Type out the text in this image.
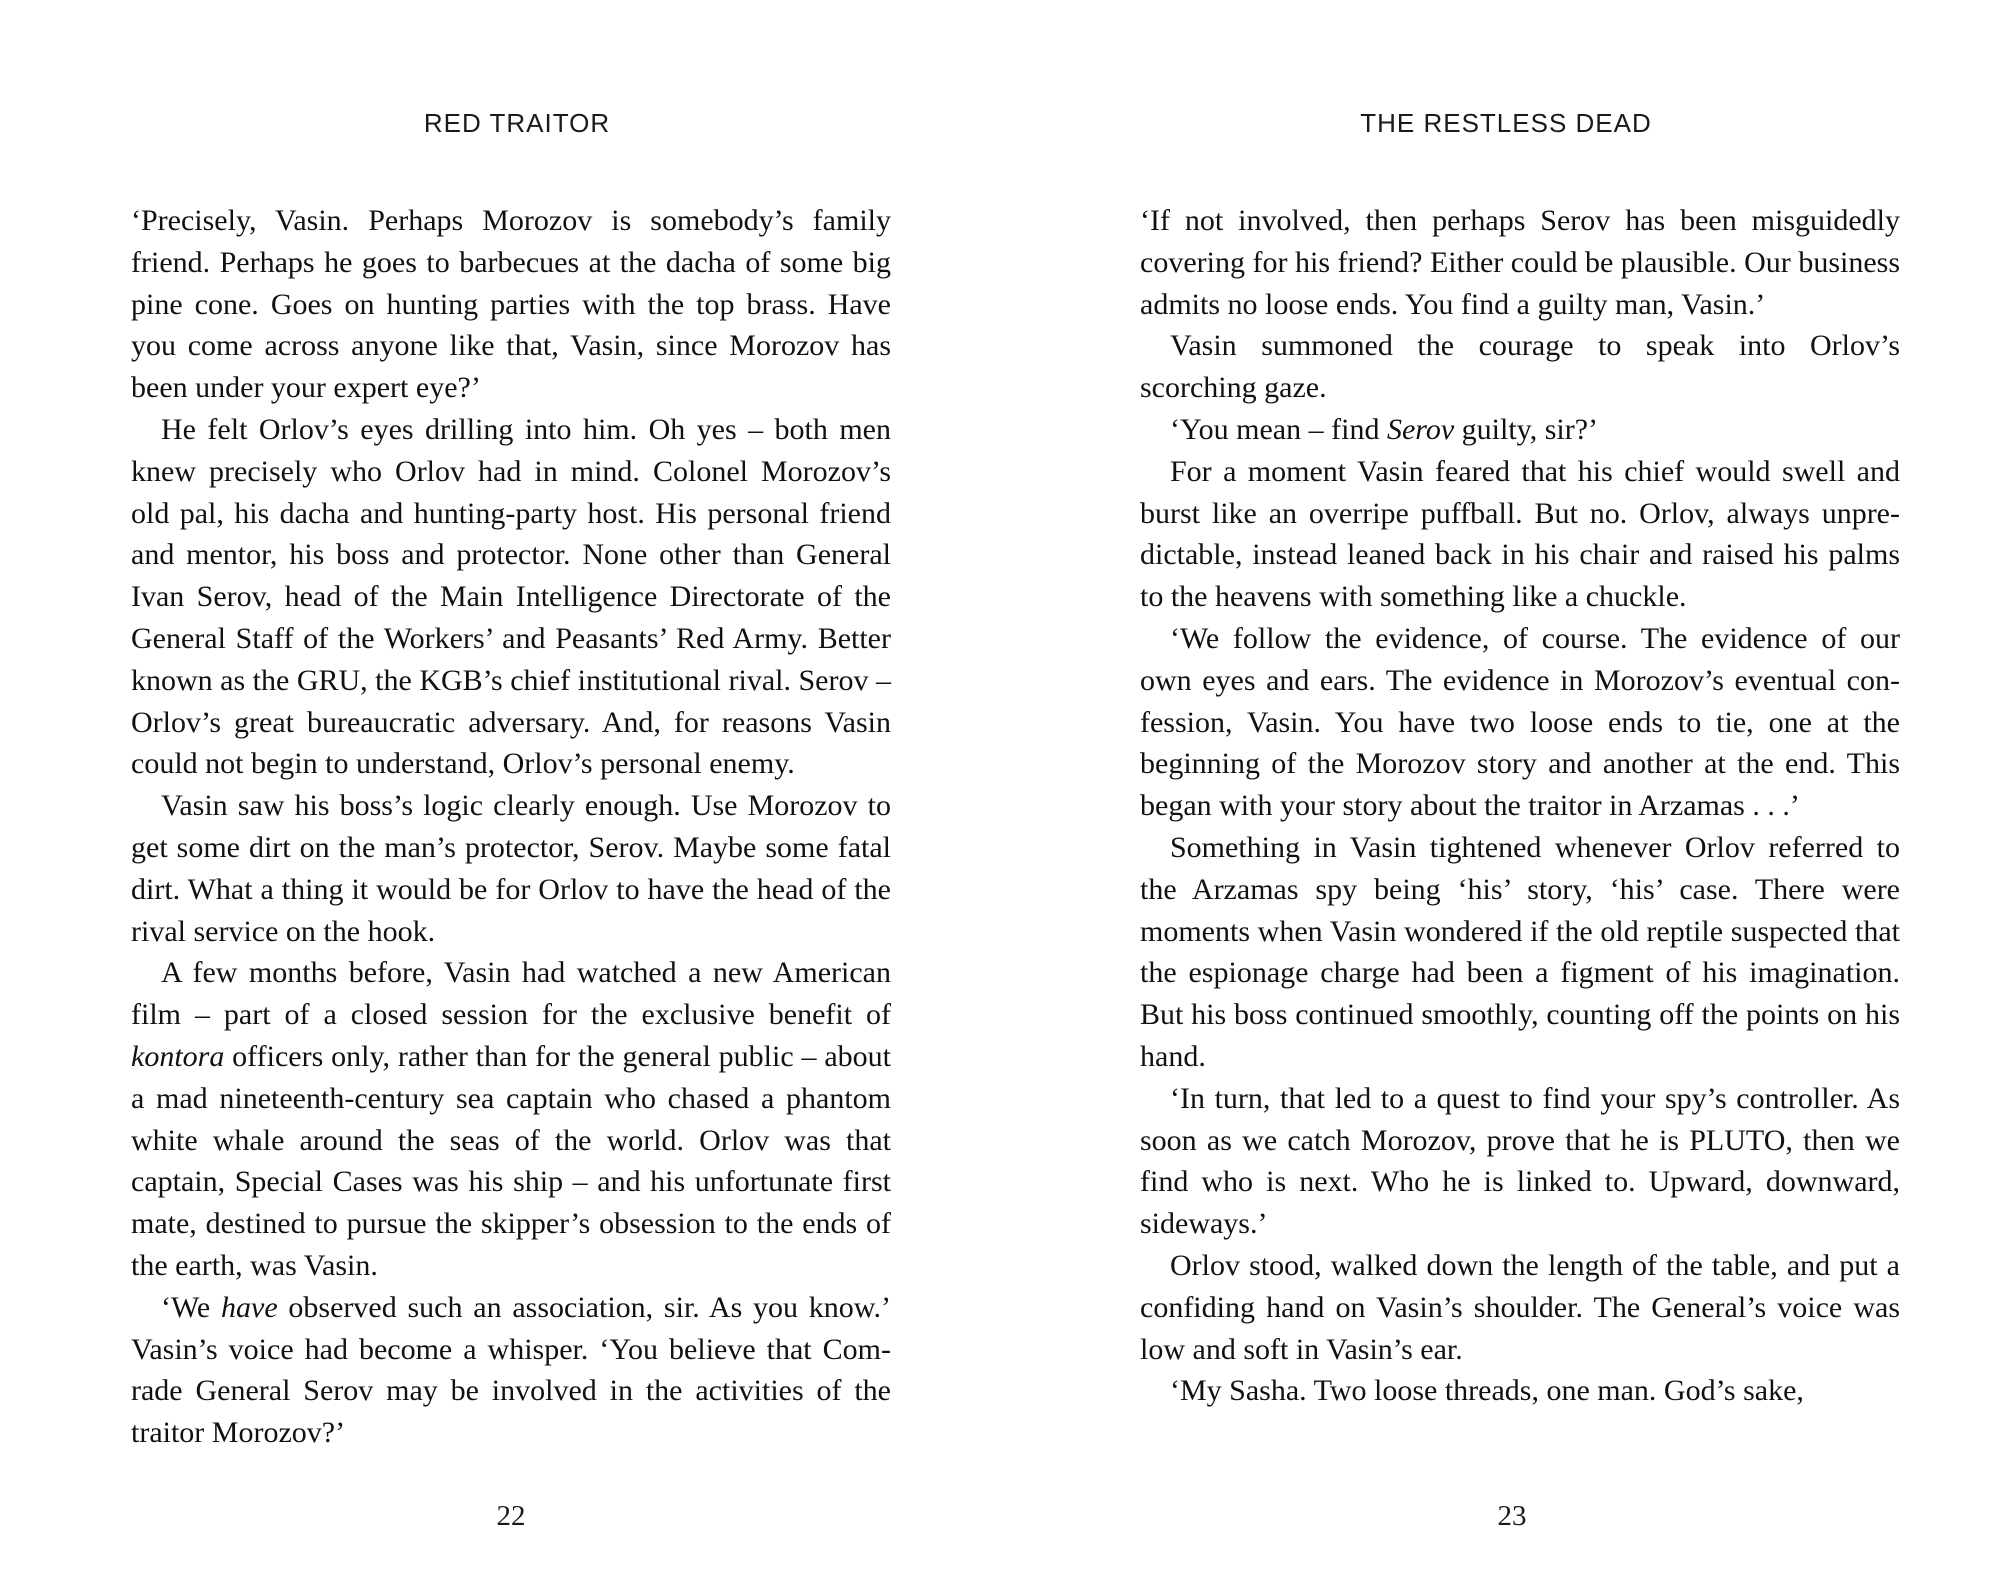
RED TRAITOR

‘Precisely, Vasin. Perhaps Morozov is somebody’s family friend. Perhaps he goes to barbecues at the dacha of some big pine cone. Goes on hunting parties with the top brass. Have you come across anyone like that, Vasin, since Morozov has been under your expert eye?’

He felt Orlov’s eyes drilling into him. Oh yes – both men knew precisely who Orlov had in mind. Colonel Morozov’s old pal, his dacha and hunting-party host. His personal friend and mentor, his boss and protector. None other than General Ivan Serov, head of the Main Intelligence Directorate of the General Staff of the Workers’ and Peasants’ Red Army. Better known as the GRU, the KGB’s chief institutional rival. Serov – Orlov’s great bureaucratic adversary. And, for reasons Vasin could not begin to understand, Orlov’s personal enemy.

Vasin saw his boss’s logic clearly enough. Use Morozov to get some dirt on the man’s protector, Serov. Maybe some fatal dirt. What a thing it would be for Orlov to have the head of the rival service on the hook.

A few months before, Vasin had watched a new American film – part of a closed session for the exclusive benefit of kontora officers only, rather than for the general public – about a mad nineteenth-century sea captain who chased a phantom white whale around the seas of the world. Orlov was that captain, Special Cases was his ship – and his unfortunate first mate, destined to pursue the skipper’s obsession to the ends of the earth, was Vasin.

‘We have observed such an association, sir. As you know.’ Vasin’s voice had become a whisper. ‘You believe that Comrade General Serov may be involved in the activities of the traitor Morozov?’

22
THE RESTLESS DEAD

‘If not involved, then perhaps Serov has been misguidedly covering for his friend? Either could be plausible. Our business admits no loose ends. You find a guilty man, Vasin.’

Vasin summoned the courage to speak into Orlov’s scorching gaze.

‘You mean – find Serov guilty, sir?’

For a moment Vasin feared that his chief would swell and burst like an overripe puffball. But no. Orlov, always unpredictable, instead leaned back in his chair and raised his palms to the heavens with something like a chuckle.

‘We follow the evidence, of course. The evidence of our own eyes and ears. The evidence in Morozov’s eventual confession, Vasin. You have two loose ends to tie, one at the beginning of the Morozov story and another at the end. This began with your story about the traitor in Arzamas . . .’

Something in Vasin tightened whenever Orlov referred to the Arzamas spy being ‘his’ story, ‘his’ case. There were moments when Vasin wondered if the old reptile suspected that the espionage charge had been a figment of his imagination. But his boss continued smoothly, counting off the points on his hand.

‘In turn, that led to a quest to find your spy’s controller. As soon as we catch Morozov, prove that he is PLUTO, then we find who is next. Who he is linked to. Upward, downward, sideways.’

Orlov stood, walked down the length of the table, and put a confiding hand on Vasin’s shoulder. The General’s voice was low and soft in Vasin’s ear.

‘My Sasha. Two loose threads, one man. God’s sake,

23
